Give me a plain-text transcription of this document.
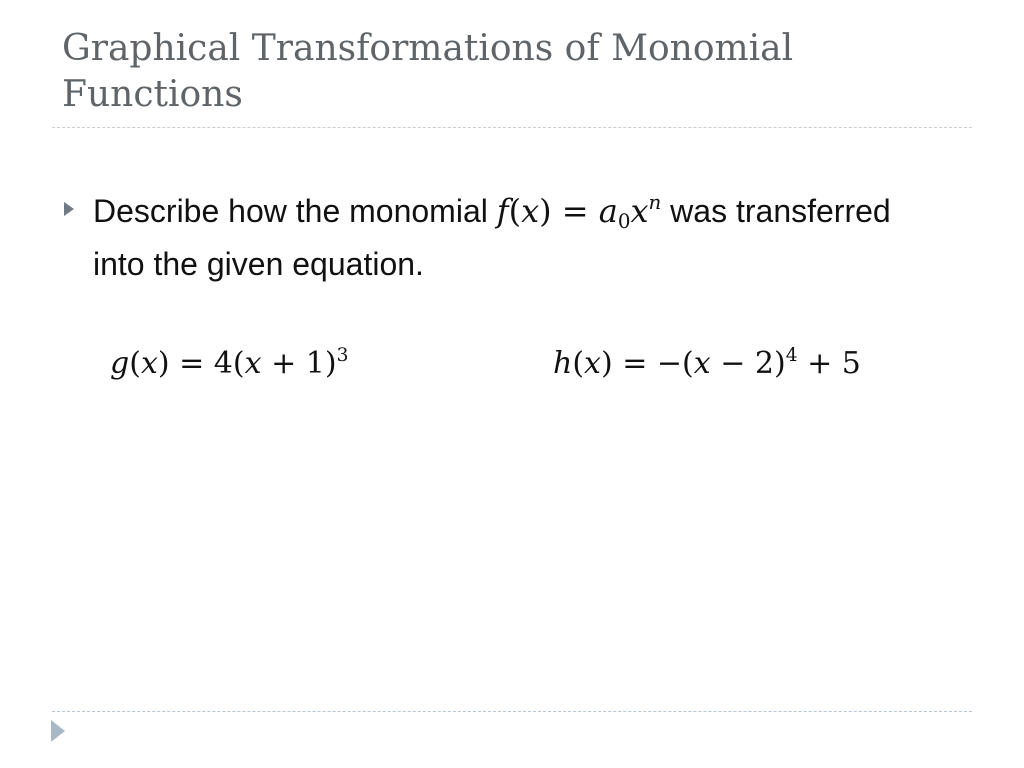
Graphical Transformations of Monomial Functions
Describe how the monomial $f(x) = a_0x^n$ was transferred into the given equation.
$g(x) = 4(x + 1)^3$	$h(x) = -(x - 2)^4 + 5$
